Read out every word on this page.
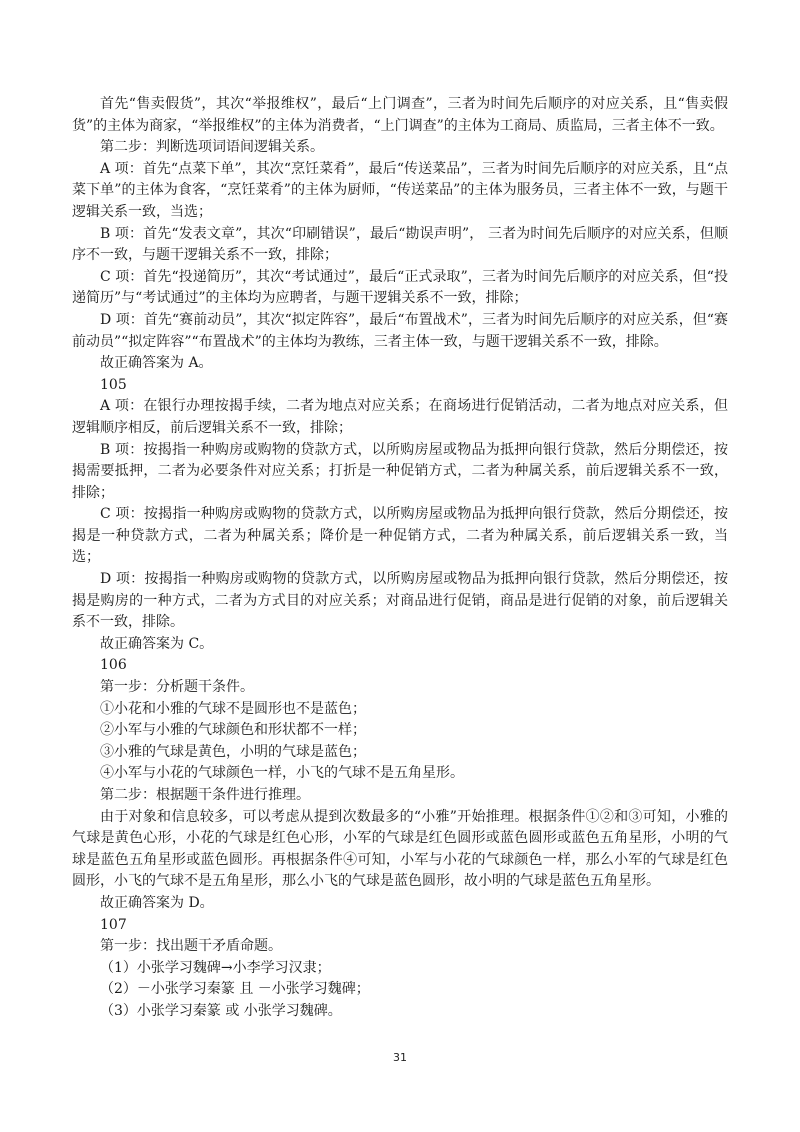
首先“售卖假货”，其次“举报维权”，最后“上门调查”，三者为时间先后顺序的对应关系，且“售卖假货”的主体为商家，“举报维权”的主体为消费者，“上门调查”的主体为工商局、质监局，三者主体不一致。

第二步：判断选项词语间逻辑关系。

A 项：首先“点菜下单”，其次“烹饪菜肴”，最后“传送菜品”，三者为时间先后顺序的对应关系，且“点菜下单”的主体为食客，“烹饪菜肴”的主体为厨师，“传送菜品”的主体为服务员，三者主体不一致，与题干逻辑关系一致，当选；

B 项：首先“发表文章”，其次“印刷错误”，最后“勘误声明”， 三者为时间先后顺序的对应关系，但顺序不一致，与题干逻辑关系不一致，排除；

C 项：首先“投递简历”，其次“考试通过”，最后“正式录取”，三者为时间先后顺序的对应关系，但“投递简历”与“考试通过”的主体均为应聘者，与题干逻辑关系不一致，排除；

D 项：首先“赛前动员”，其次“拟定阵容”，最后“布置战术”，三者为时间先后顺序的对应关系，但“赛前动员”“拟定阵容”“布置战术”的主体均为教练，三者主体一致，与题干逻辑关系不一致，排除。

故正确答案为 A。

105

A 项：在银行办理按揭手续，二者为地点对应关系；在商场进行促销活动，二者为地点对应关系，但逻辑顺序相反，前后逻辑关系不一致，排除；

B 项：按揭指一种购房或购物的贷款方式，以所购房屋或物品为抵押向银行贷款，然后分期偿还，按揭需要抵押，二者为必要条件对应关系；打折是一种促销方式，二者为种属关系，前后逻辑关系不一致，排除；

C 项：按揭指一种购房或购物的贷款方式，以所购房屋或物品为抵押向银行贷款，然后分期偿还，按揭是一种贷款方式，二者为种属关系；降价是一种促销方式，二者为种属关系，前后逻辑关系一致，当选；

D 项：按揭指一种购房或购物的贷款方式，以所购房屋或物品为抵押向银行贷款，然后分期偿还，按揭是购房的一种方式，二者为方式目的对应关系；对商品进行促销，商品是进行促销的对象，前后逻辑关系不一致，排除。

故正确答案为 C。

106

第一步：分析题干条件。

①小花和小雅的气球不是圆形也不是蓝色；

②小军与小雅的气球颜色和形状都不一样；

③小雅的气球是黄色，小明的气球是蓝色；

④小军与小花的气球颜色一样，小飞的气球不是五角星形。

第二步：根据题干条件进行推理。

由于对象和信息较多，可以考虑从提到次数最多的“小雅”开始推理。根据条件①②和③可知，小雅的气球是黄色心形，小花的气球是红色心形，小军的气球是红色圆形或蓝色圆形或蓝色五角星形，小明的气球是蓝色五角星形或蓝色圆形。再根据条件④可知，小军与小花的气球颜色一样，那么小军的气球是红色圆形，小飞的气球不是五角星形，那么小飞的气球是蓝色圆形，故小明的气球是蓝色五角星形。

故正确答案为 D。

107

第一步：找出题干矛盾命题。

（1）小张学习魏碑→小李学习汉隶；

（2）－小张学习秦篆 且 －小张学习魏碑；

（3）小张学习秦篆 或 小张学习魏碑。

31
